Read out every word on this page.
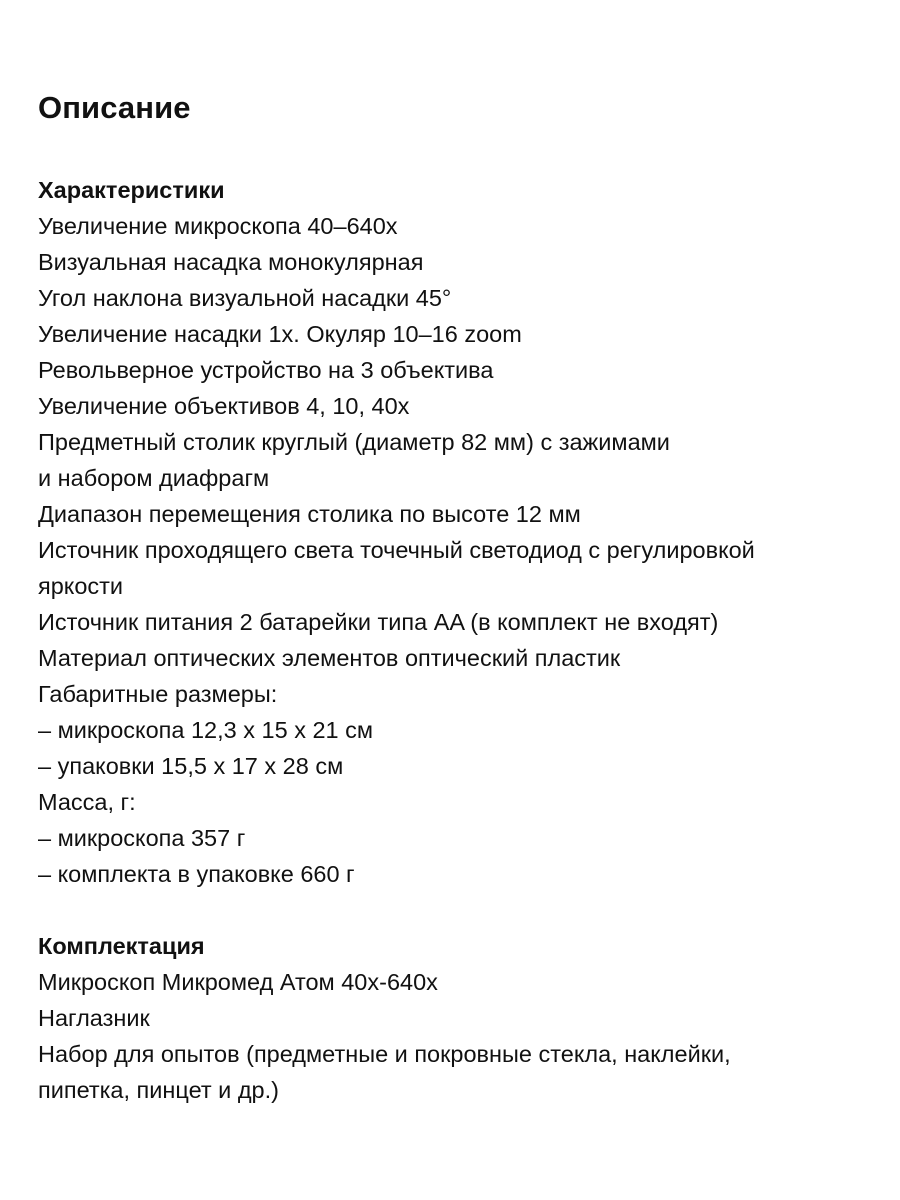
Описание
Характеристики

Увеличение микроскопа 40–640x

Визуальная насадка монокулярная

Угол наклона визуальной насадки 45°

Увеличение насадки 1x. Окуляр 10–16 zoom

Револьверное устройство на 3 объектива

Увеличение объективов 4, 10, 40x

Предметный столик круглый (диаметр 82 мм) с зажимами

и набором диафрагм

Диапазон перемещения столика по высоте 12 мм

Источник проходящего света точечный светодиод с регулировкой

яркости

Источник питания 2 батарейки типа AA (в комплект не входят)

Материал оптических элементов оптический пластик

Габаритные размеры:

– микроскопа 12,3 x 15 x 21 см

– упаковки 15,5 x 17 x 28 см

Масса, г:

– микроскопа 357 г

– комплекта в упаковке 660 г

Комплектация

Микроскоп Микромед Атом 40x-640x

Наглазник

Набор для опытов (предметные и покровные стекла, наклейки,

пипетка, пинцет и др.)
